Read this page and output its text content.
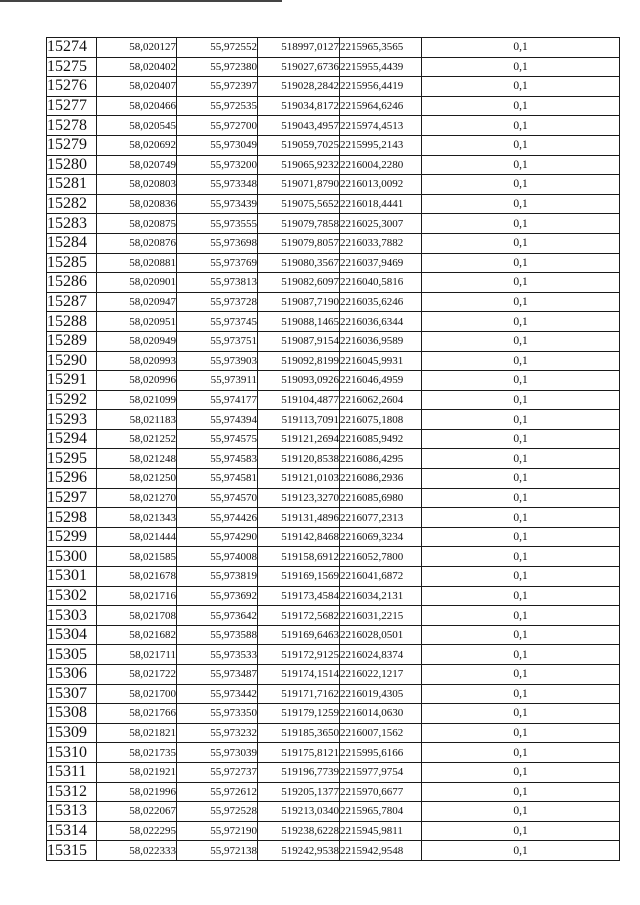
15274	58,020127	55,972552	518997,0127	2215965,3565	0,1
15275	58,020402	55,972380	519027,6736	2215955,4439	0,1
15276	58,020407	55,972397	519028,2842	2215956,4419	0,1
15277	58,020466	55,972535	519034,8172	2215964,6246	0,1
15278	58,020545	55,972700	519043,4957	2215974,4513	0,1
15279	58,020692	55,973049	519059,7025	2215995,2143	0,1
15280	58,020749	55,973200	519065,9232	2216004,2280	0,1
15281	58,020803	55,973348	519071,8790	2216013,0092	0,1
15282	58,020836	55,973439	519075,5652	2216018,4441	0,1
15283	58,020875	55,973555	519079,7858	2216025,3007	0,1
15284	58,020876	55,973698	519079,8057	2216033,7882	0,1
15285	58,020881	55,973769	519080,3567	2216037,9469	0,1
15286	58,020901	55,973813	519082,6097	2216040,5816	0,1
15287	58,020947	55,973728	519087,7190	2216035,6246	0,1
15288	58,020951	55,973745	519088,1465	2216036,6344	0,1
15289	58,020949	55,973751	519087,9154	2216036,9589	0,1
15290	58,020993	55,973903	519092,8199	2216045,9931	0,1
15291	58,020996	55,973911	519093,0926	2216046,4959	0,1
15292	58,021099	55,974177	519104,4877	2216062,2604	0,1
15293	58,021183	55,974394	519113,7091	2216075,1808	0,1
15294	58,021252	55,974575	519121,2694	2216085,9492	0,1
15295	58,021248	55,974583	519120,8538	2216086,4295	0,1
15296	58,021250	55,974581	519121,0103	2216086,2936	0,1
15297	58,021270	55,974570	519123,3270	2216085,6980	0,1
15298	58,021343	55,974426	519131,4896	2216077,2313	0,1
15299	58,021444	55,974290	519142,8468	2216069,3234	0,1
15300	58,021585	55,974008	519158,6912	2216052,7800	0,1
15301	58,021678	55,973819	519169,1569	2216041,6872	0,1
15302	58,021716	55,973692	519173,4584	2216034,2131	0,1
15303	58,021708	55,973642	519172,5682	2216031,2215	0,1
15304	58,021682	55,973588	519169,6463	2216028,0501	0,1
15305	58,021711	55,973533	519172,9125	2216024,8374	0,1
15306	58,021722	55,973487	519174,1514	2216022,1217	0,1
15307	58,021700	55,973442	519171,7162	2216019,4305	0,1
15308	58,021766	55,973350	519179,1259	2216014,0630	0,1
15309	58,021821	55,973232	519185,3650	2216007,1562	0,1
15310	58,021735	55,973039	519175,8121	2215995,6166	0,1
15311	58,021921	55,972737	519196,7739	2215977,9754	0,1
15312	58,021996	55,972612	519205,1377	2215970,6677	0,1
15313	58,022067	55,972528	519213,0340	2215965,7804	0,1
15314	58,022295	55,972190	519238,6228	2215945,9811	0,1
15315	58,022333	55,972138	519242,9538	2215942,9548	0,1
